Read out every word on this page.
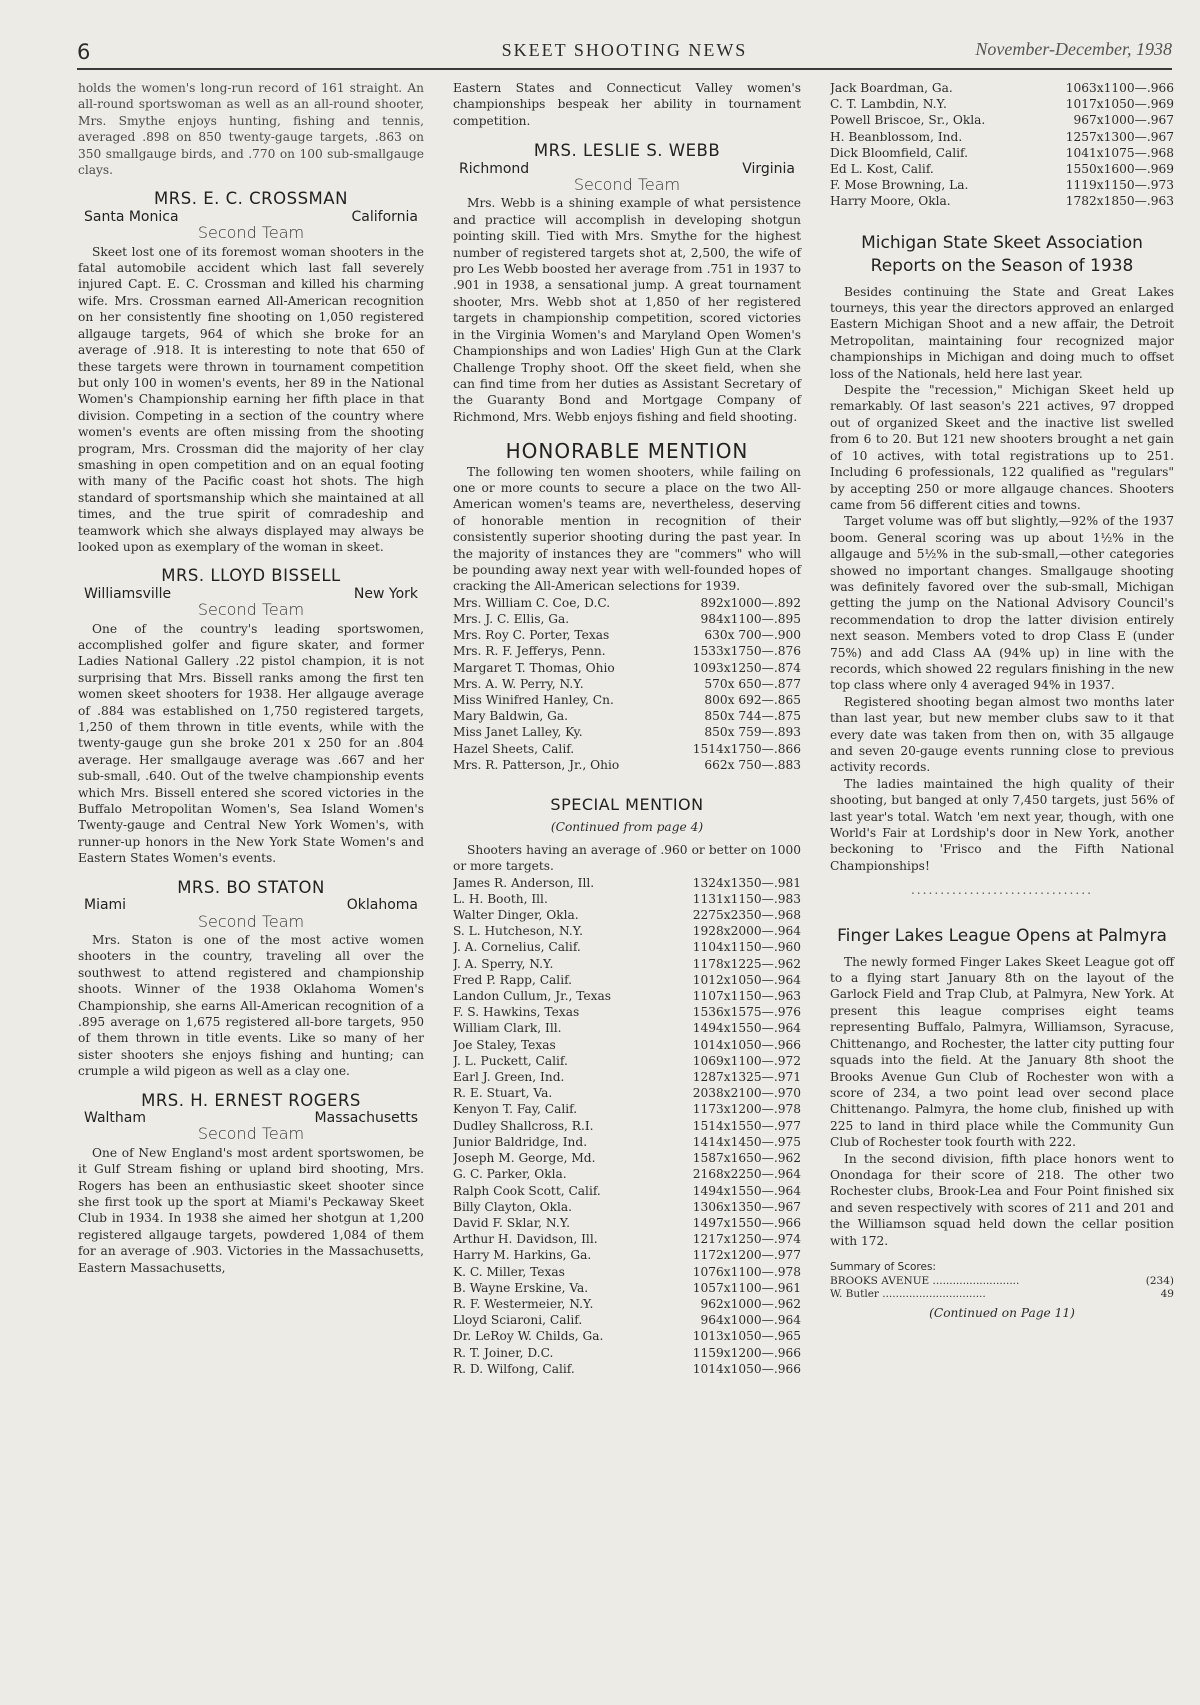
6	SKEET SHOOTING NEWS	November-December, 1938

holds the women's long-run record of 161 straight. An all-round sportswoman as well as an all-round shooter, Mrs. Smythe enjoys hunting, fishing and tennis, averaged .898 on 850 twenty-gauge targets, .863 on 350 smallgauge birds, and .770 on 100 sub-smallgauge clays.

MRS. E. C. CROSSMAN
Santa Monica	California
Second Team

Skeet lost one of its foremost woman shooters in the fatal automobile accident which last fall severely injured Capt. E. C. Crossman and killed his charming wife. Mrs. Crossman earned All-American recognition on her consistently fine shooting on 1,050 registered allgauge targets, 964 of which she broke for an average of .918. It is interesting to note that 650 of these targets were thrown in tournament competition but only 100 in women's events, her 89 in the National Women's Championship earning her fifth place in that division. Competing in a section of the country where women's events are often missing from the shooting program, Mrs. Crossman did the majority of her clay smashing in open competition and on an equal footing with many of the Pacific coast hot shots. The high standard of sportsmanship which she maintained at all times, and the true spirit of comradeship and teamwork which she always displayed may always be looked upon as exemplary of the woman in skeet.

MRS. LLOYD BISSELL
Williamsville	New York
Second Team

One of the country's leading sportswomen, accomplished golfer and figure skater, and former Ladies National Gallery .22 pistol champion, it is not surprising that Mrs. Bissell ranks among the first ten women skeet shooters for 1938. Her allgauge average of .884 was established on 1,750 registered targets, 1,250 of them thrown in title events, while with the twenty-gauge gun she broke 201 x 250 for an .804 average. Her smallgauge average was .667 and her sub-small, .640. Out of the twelve championship events which Mrs. Bissell entered she scored victories in the Buffalo Metropolitan Women's, Sea Island Women's Twenty-gauge and Central New York Women's, with runner-up honors in the New York State Women's and Eastern States Women's events.

MRS. BO STATON
Miami	Oklahoma
Second Team

Mrs. Staton is one of the most active women shooters in the country, traveling all over the southwest to attend registered and championship shoots. Winner of the 1938 Oklahoma Women's Championship, she earns All-American recognition of a .895 average on 1,675 registered all-bore targets, 950 of them thrown in title events. Like so many of her sister shooters she enjoys fishing and hunting; can crumple a wild pigeon as well as a clay one.

MRS. H. ERNEST ROGERS
Waltham	Massachusetts
Second Team

One of New England's most ardent sportswomen, be it Gulf Stream fishing or upland bird shooting, Mrs. Rogers has been an enthusiastic skeet shooter since she first took up the sport at Miami's Peckaway Skeet Club in 1934. In 1938 she aimed her shotgun at 1,200 registered allgauge targets, powdered 1,084 of them for an average of .903. Victories in the Massachusetts, Eastern Massachusetts,

Eastern States and Connecticut Valley women's championships bespeak her ability in tournament competition.

MRS. LESLIE S. WEBB
Richmond	Virginia
Second Team

Mrs. Webb is a shining example of what persistence and practice will accomplish in developing shotgun pointing skill. Tied with Mrs. Smythe for the highest number of registered targets shot at, 2,500, the wife of pro Les Webb boosted her average from .751 in 1937 to .901 in 1938, a sensational jump. A great tournament shooter, Mrs. Webb shot at 1,850 of her registered targets in championship competition, scored victories in the Virginia Women's and Maryland Open Women's Championships and won Ladies' High Gun at the Clark Challenge Trophy shoot. Off the skeet field, when she can find time from her duties as Assistant Secretary of the Guaranty Bond and Mortgage Company of Richmond, Mrs. Webb enjoys fishing and field shooting.

HONORABLE MENTION

The following ten women shooters, while failing on one or more counts to secure a place on the two All-American women's teams are, nevertheless, deserving of honorable mention in recognition of their consistently superior shooting during the past year. In the majority of instances they are "commers" who will be pounding away next year with well-founded hopes of cracking the All-American selections for 1939.

Mrs. William C. Coe, D.C.	892x1000—.892
Mrs. J. C. Ellis, Ga.	984x1100—.895
Mrs. Roy C. Porter, Texas	630x 700—.900
Mrs. R. F. Jefferys, Penn.	1533x1750—.876
Margaret T. Thomas, Ohio	1093x1250—.874
Mrs. A. W. Perry, N.Y.	570x 650—.877
Miss Winifred Hanley, Cn.	800x 692—.865
Mary Baldwin, Ga.	850x 744—.875
Miss Janet Lalley, Ky.	850x 759—.893
Hazel Sheets, Calif.	1514x1750—.866
Mrs. R. Patterson, Jr., Ohio	662x 750—.883
SPECIAL MENTION
(Continued from page 4)

Shooters having an average of .960 or better on 1000 or more targets.

James R. Anderson, Ill.	1324x1350—.981
L. H. Booth, Ill.	1131x1150—.983
Walter Dinger, Okla.	2275x2350—.968
S. L. Hutcheson, N.Y.	1928x2000—.964
J. A. Cornelius, Calif.	1104x1150—.960
J. A. Sperry, N.Y.	1178x1225—.962
Fred P. Rapp, Calif.	1012x1050—.964
Landon Cullum, Jr., Texas	1107x1150—.963
F. S. Hawkins, Texas	1536x1575—.976
William Clark, Ill.	1494x1550—.964
Joe Staley, Texas	1014x1050—.966
J. L. Puckett, Calif.	1069x1100—.972
Earl J. Green, Ind.	1287x1325—.971
R. E. Stuart, Va.	2038x2100—.970
Kenyon T. Fay, Calif.	1173x1200—.978
Dudley Shallcross, R.I.	1514x1550—.977
Junior Baldridge, Ind.	1414x1450—.975
Joseph M. George, Md.	1587x1650—.962
G. C. Parker, Okla.	2168x2250—.964
Ralph Cook Scott, Calif.	1494x1550—.964
Billy Clayton, Okla.	1306x1350—.967
David F. Sklar, N.Y.	1497x1550—.966
Arthur H. Davidson, Ill.	1217x1250—.974
Harry M. Harkins, Ga.	1172x1200—.977
K. C. Miller, Texas	1076x1100—.978
B. Wayne Erskine, Va.	1057x1100—.961
R. F. Westermeier, N.Y.	962x1000—.962
Lloyd Sciaroni, Calif.	964x1000—.964
Dr. LeRoy W. Childs, Ga.	1013x1050—.965
R. T. Joiner, D.C.	1159x1200—.966
R. D. Wilfong, Calif.	1014x1050—.966
Jack Boardman, Ga.	1063x1100—.966
C. T. Lambdin, N.Y.	1017x1050—.969
Powell Briscoe, Sr., Okla.	967x1000—.967
H. Beanblossom, Ind.	1257x1300—.967
Dick Bloomfield, Calif.	1041x1075—.968
Ed L. Kost, Calif.	1550x1600—.969
F. Mose Browning, La.	1119x1150—.973
Harry Moore, Okla.	1782x1850—.963
Michigan State Skeet Association Reports on the Season of 1938

Besides continuing the State and Great Lakes tourneys, this year the directors approved an enlarged Eastern Michigan Shoot and a new affair, the Detroit Metropolitan, maintaining four recognized major championships in Michigan and doing much to offset loss of the Nationals, held here last year.

Despite the "recession," Michigan Skeet held up remarkably. Of last season's 221 actives, 97 dropped out of organized Skeet and the inactive list swelled from 6 to 20. But 121 new shooters brought a net gain of 10 actives, with total registrations up to 251. Including 6 professionals, 122 qualified as "regulars" by accepting 250 or more allgauge chances. Shooters came from 56 different cities and towns.

Target volume was off but slightly,—92% of the 1937 boom. General scoring was up about 1½% in the allgauge and 5½% in the sub-small,—other categories showed no important changes. Smallgauge shooting was definitely favored over the sub-small, Michigan getting the jump on the National Advisory Council's recommendation to drop the latter division entirely next season. Members voted to drop Class E (under 75%) and add Class AA (94% up) in line with the records, which showed 22 regulars finishing in the new top class where only 4 averaged 94% in 1937.

Registered shooting began almost two months later than last year, but new member clubs saw to it that every date was taken from then on, with 35 allgauge and seven 20-gauge events running close to previous activity records.

The ladies maintained the high quality of their shooting, but banged at only 7,450 targets, just 56% of last year's total. Watch 'em next year, though, with one World's Fair at Lordship's door in New York, another beckoning to 'Frisco and the Fifth National Championships!

...............................
Finger Lakes League Opens at Palmyra

The newly formed Finger Lakes Skeet League got off to a flying start January 8th on the layout of the Garlock Field and Trap Club, at Palmyra, New York. At present this league comprises eight teams representing Buffalo, Palmyra, Williamson, Syracuse, Chittenango, and Rochester, the latter city putting four squads into the field. At the January 8th shoot the Brooks Avenue Gun Club of Rochester won with a score of 234, a two point lead over second place Chittenango. Palmyra, the home club, finished up with 225 to land in third place while the Community Gun Club of Rochester took fourth with 222.

In the second division, fifth place honors went to Onondaga for their score of 218. The other two Rochester clubs, Brook-Lea and Four Point finished six and seven respectively with scores of 211 and 201 and the Williamson squad held down the cellar position with 172.

Summary of Scores:
BROOKS AVENUE ..........................	(234)
W. Butler ...............................	49
(Continued on Page 11)
